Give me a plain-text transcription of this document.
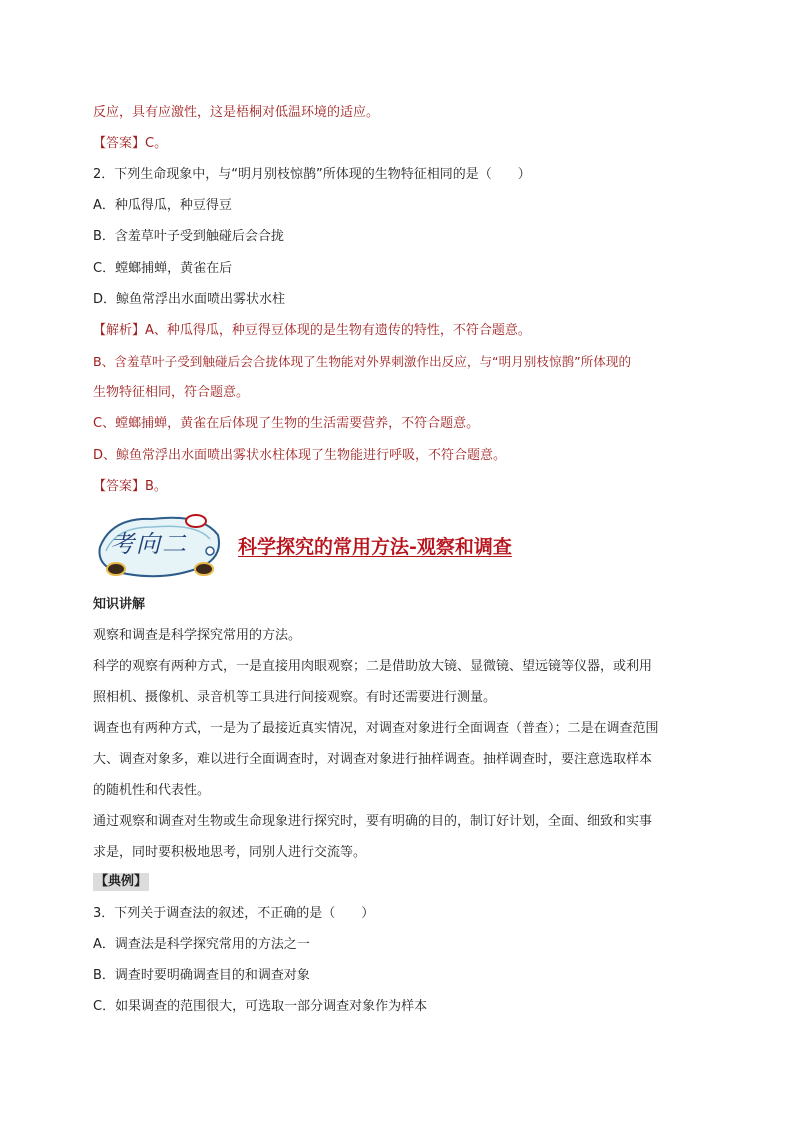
反应，具有应激性，这是梧桐对低温环境的适应。
【答案】C。
2．下列生命现象中，与“明月别枝惊鹊”所体现的生物特征相同的是（　　）
A．种瓜得瓜，种豆得豆
B．含羞草叶子受到触碰后会合拢
C．螳螂捕蝉，黄雀在后
D．鲸鱼常浮出水面喷出雾状水柱
【解析】A、种瓜得瓜，种豆得豆体现的是生物有遗传的特性，不符合题意。
B、含羞草叶子受到触碰后会合拢体现了生物能对外界刺激作出反应，与“明月别枝惊鹊”所体现的
生物特征相同，符合题意。
C、螳螂捕蝉，黄雀在后体现了生物的生活需要营养，不符合题意。
D、鲸鱼常浮出水面喷出雾状水柱体现了生物能进行呼吸，不符合题意。
【答案】B。
考向二	科学探究的常用方法-观察和调查
知识讲解
观察和调查是科学探究常用的方法。
科学的观察有两种方式，一是直接用肉眼观察；二是借助放大镜、显微镜、望远镜等仪器，或利用
照相机、摄像机、录音机等工具进行间接观察。有时还需要进行测量。
调查也有两种方式，一是为了最接近真实情况，对调查对象进行全面调查（普查）；二是在调查范围
大、调查对象多，难以进行全面调查时，对调查对象进行抽样调查。抽样调查时，要注意选取样本
的随机性和代表性。
通过观察和调查对生物或生命现象进行探究时，要有明确的目的，制订好计划，全面、细致和实事
求是，同时要积极地思考，同别人进行交流等。
【典例】
3．下列关于调查法的叙述，不正确的是（　　）
A．调查法是科学探究常用的方法之一
B．调查时要明确调查目的和调查对象
C．如果调查的范围很大，可选取一部分调查对象作为样本
